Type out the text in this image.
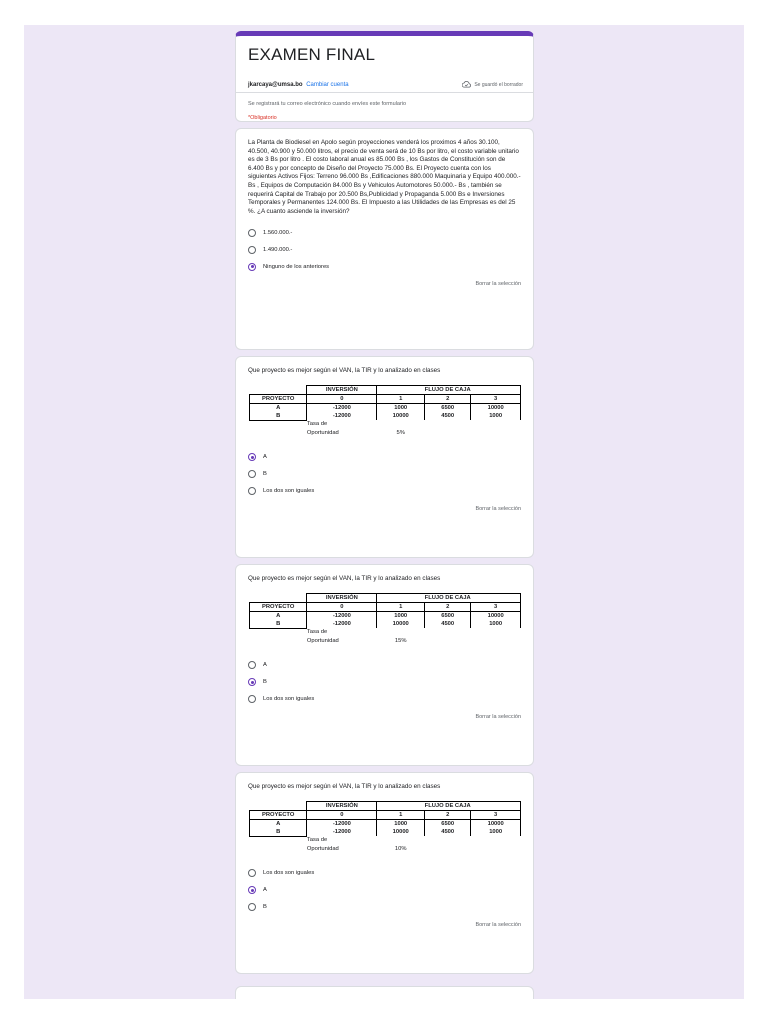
EXAMEN FINAL
jkarcaya@umsa.bo Cambiar cuenta	Se guardó el borrador
Se registrará tu correo electrónico cuando envíes este formulario
*Obligatorio
La Planta de Biodiesel en Apolo según proyecciones venderá los proximos 4 años 30.100, 40.500, 40.900 y 50.000 litros, el precio de venta será de 10 Bs por litro, el costo variable unitario es de 3 Bs por litro . El costo laboral anual es 85.000 Bs , los Gastos de Constitución son de 6.400 Bs y por concepto de Diseño del Proyecto 75.000 Bs. El Proyecto cuenta con los siguientes Activos Fijos: Terreno 96.000 Bs ,Edificaciones 880.000 Maquinaria y Equipo 400.000.- Bs , Equipos de Computación 84.000 Bs y Vehiculos Automotores 50.000.- Bs , también se requerirá Capital de Trabajo por 20.500 Bs,Publicidad y Propaganda 5.000 Bs e Inversiones Temporales y Permanentes 124.000 Bs. El Impuesto a las Utilidades de las Empresas es del 25 %. ¿A cuanto asciende la inversión?
1.560.000.-
1.490.000.-
Ninguno de los anteriores
Borrar la selección
Que proyecto es mejor según el VAN, la TIR y lo analizado en clases
	INVERSIÓN		FLUJO DE CAJA	
PROYECTO	0	1	2	3
A	-12000	1000	6500	10000
B	-12000	10000	4500	1000
	Tasa de			
	Oportunidad	5%		
A
B
Los dos son iguales
Borrar la selección
Que proyecto es mejor según el VAN, la TIR y lo analizado en clases
	INVERSIÓN		FLUJO DE CAJA	
PROYECTO	0	1	2	3
A	-12000	1000	6500	10000
B	-12000	10000	4500	1000
	Tasa de			
	Oportunidad	15%		
A
B
Los dos son iguales
Borrar la selección
Que proyecto es mejor según el VAN, la TIR y lo analizado en clases
	INVERSIÓN		FLUJO DE CAJA	
PROYECTO	0	1	2	3
A	-12000	1000	6500	10000
B	-12000	10000	4500	1000
	Tasa de			
	Oportunidad	10%		
Los dos son iguales
A
B
Borrar la selección
